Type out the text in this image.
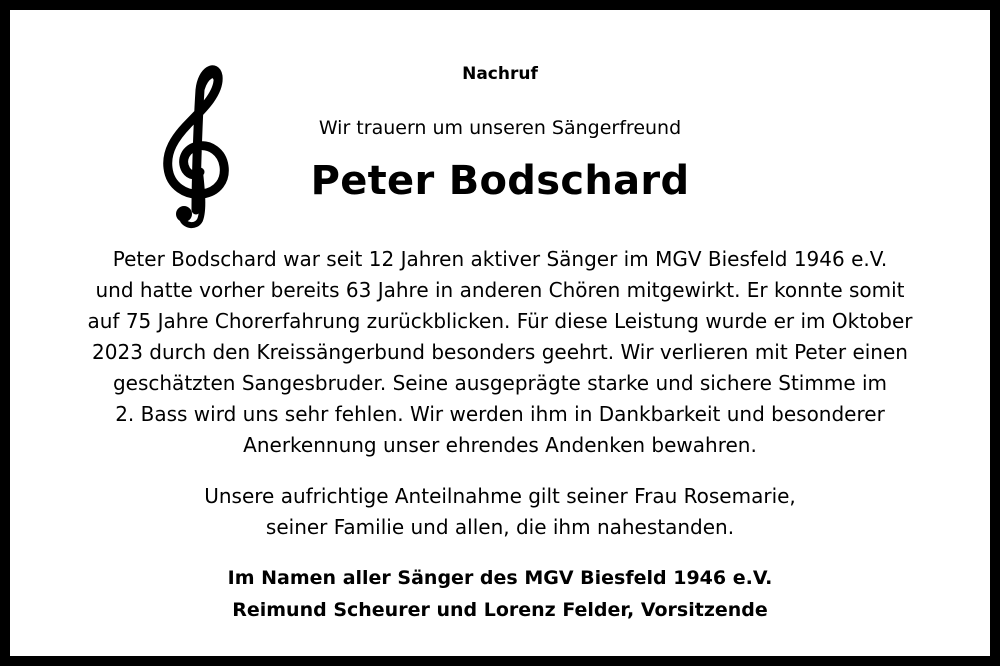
Nachruf
Wir trauern um unseren Sängerfreund
Peter Bodschard
Peter Bodschard war seit 12 Jahren aktiver Sänger im MGV Biesfeld 1946 e.V.
und hatte vorher bereits 63 Jahre in anderen Chören mitgewirkt. Er konnte somit
auf 75 Jahre Chorerfahrung zurückblicken. Für diese Leistung wurde er im Oktober
2023 durch den Kreissängerbund besonders geehrt. Wir verlieren mit Peter einen
geschätzten Sangesbruder. Seine ausgeprägte starke und sichere Stimme im
2. Bass wird uns sehr fehlen. Wir werden ihm in Dankbarkeit und besonderer
Anerkennung unser ehrendes Andenken bewahren.
Unsere aufrichtige Anteilnahme gilt seiner Frau Rosemarie,
seiner Familie und allen, die ihm nahestanden.
Im Namen aller Sänger des MGV Biesfeld 1946 e.V.
Reimund Scheurer und Lorenz Felder, Vorsitzende
